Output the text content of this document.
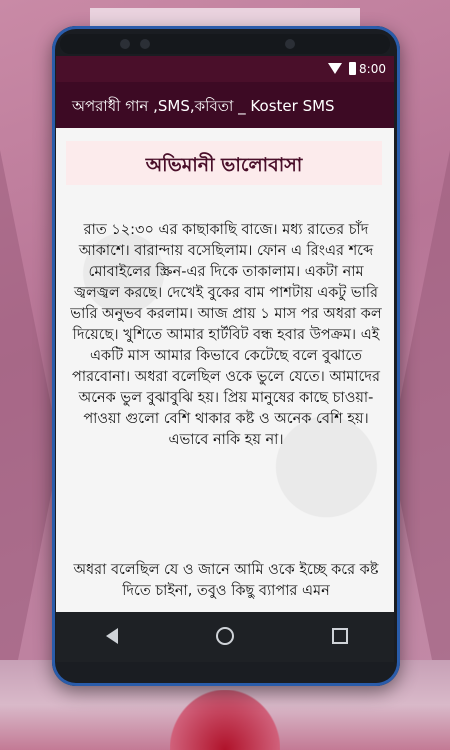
8:00
অপরাধী গান ,SMS,কবিতা _ Koster SMS
অভিমানী ভালোবাসা
রাত ১২:৩০ এর কাছাকাছি বাজে। মধ্য রাতের চাঁদ আকাশে। বারান্দায় বসেছিলাম। ফোন এ রিংএর শব্দে মোবাইলের স্ক্রিন-এর দিকে তাকালাম। একটা নাম জ্বলজ্বল করছে। দেখেই বুকের বাম পাশটায় একটু ভারি ভারি অনুভব করলাম। আজ প্রায় ১ মাস পর অধরা কল দিয়েছে। খুশিতে আমার হার্টবিট বন্ধ হবার উপক্রম। এই একটি মাস আমার কিভাবে কেটেছে বলে বুঝাতে পারবোনা। অধরা বলেছিল ওকে ভুলে যেতে। আমাদের অনেক ভুল বুঝাবুঝি হয়। প্রিয় মানুষের কাছে চাওয়া-পাওয়া গুলো বেশি থাকার কষ্ট ও অনেক বেশি হয়। এভাবে নাকি হয় না।
অধরা বলেছিল যে ও জানে আমি ওকে ইচ্ছে করে কষ্ট দিতে চাইনা, তবুও কিছু ব্যাপার এমন
